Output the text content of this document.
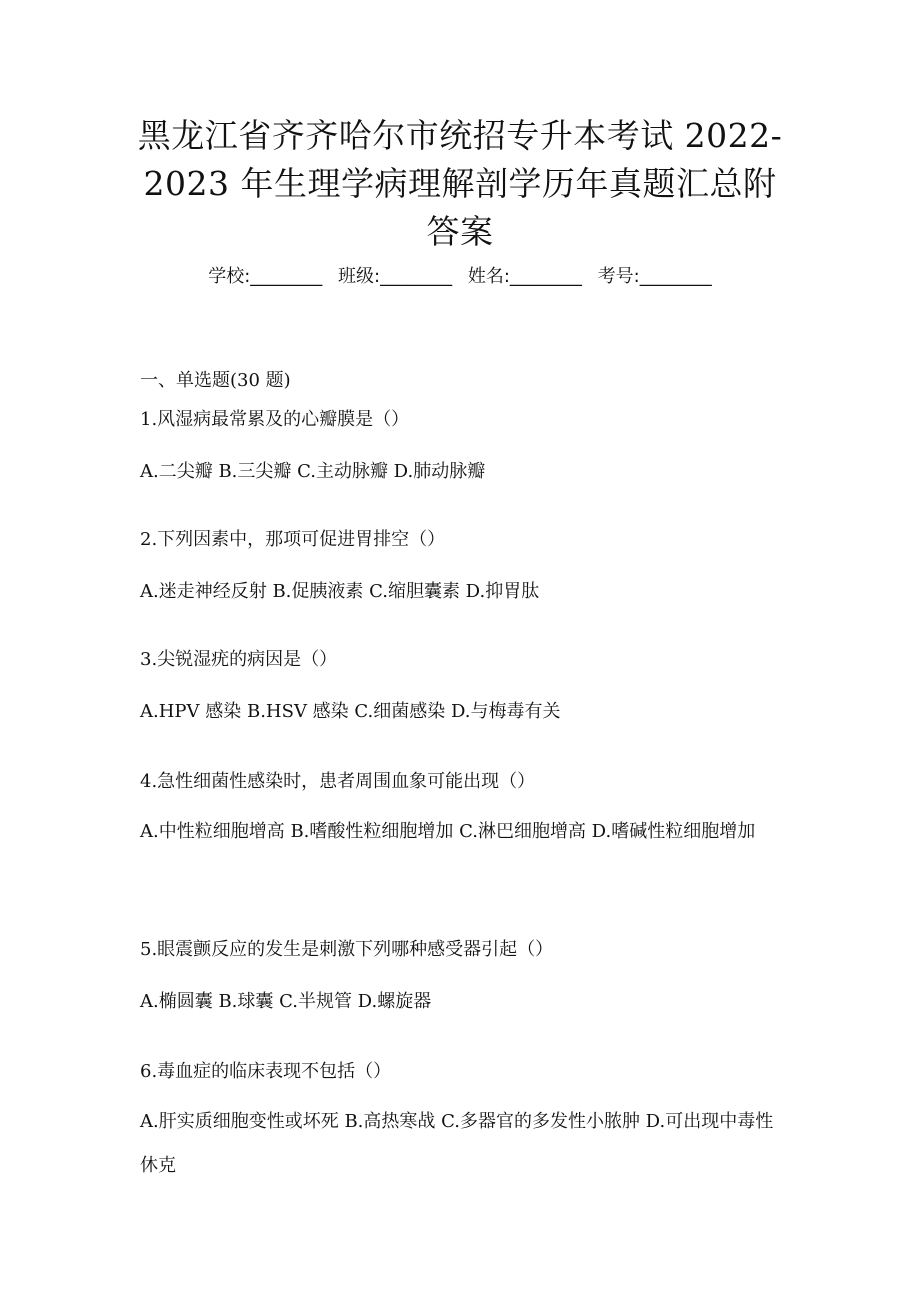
黑龙江省齐齐哈尔市统招专升本考试 2022-
2023 年生理学病理解剖学历年真题汇总附
答案
学校:________ 班级:________ 姓名:________ 考号:________
一、单选题(30 题)
1.风湿病最常累及的心瓣膜是（）
A.二尖瓣 B.三尖瓣 C.主动脉瓣 D.肺动脉瓣
2.下列因素中，那项可促进胃排空（）
A.迷走神经反射 B.促胰液素 C.缩胆囊素 D.抑胃肽
3.尖锐湿疣的病因是（）
A.HPV 感染 B.HSV 感染 C.细菌感染 D.与梅毒有关
4.急性细菌性感染时，患者周围血象可能出现（）
A.中性粒细胞增高 B.嗜酸性粒细胞增加 C.淋巴细胞增高 D.嗜碱性粒细胞增加
5.眼震颤反应的发生是刺激下列哪种感受器引起（）
A.椭圆囊 B.球囊 C.半规管 D.螺旋器
6.毒血症的临床表现不包括（）
A.肝实质细胞变性或坏死 B.高热寒战 C.多器官的多发性小脓肿 D.可出现中毒性休克
